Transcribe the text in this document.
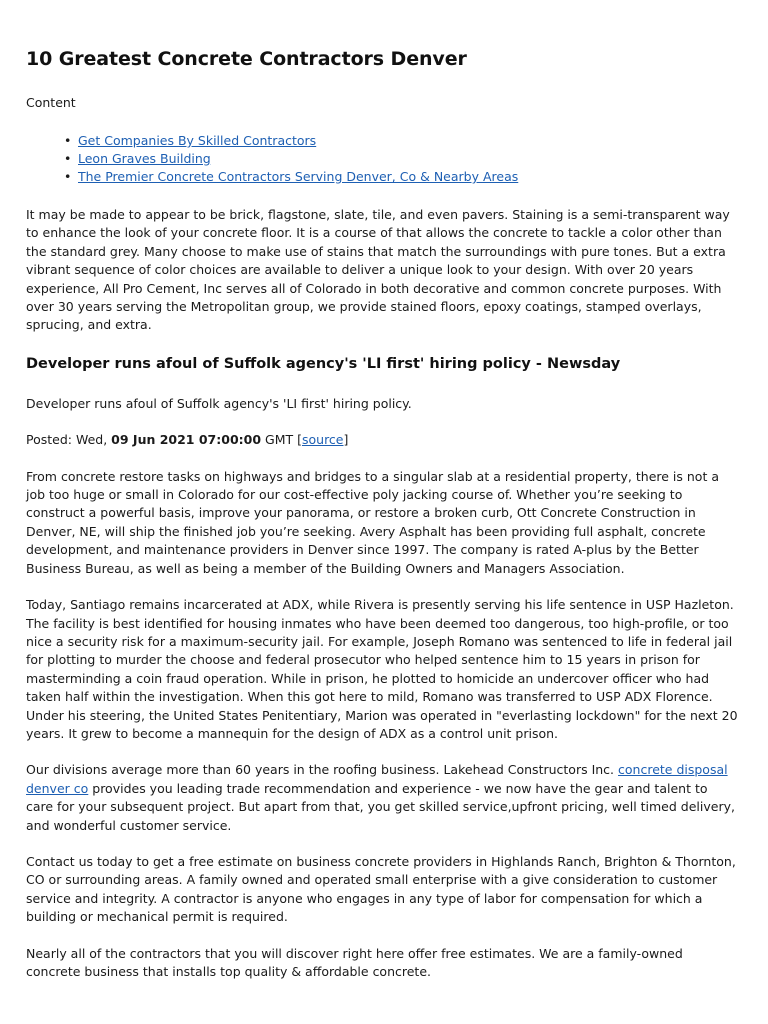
10 Greatest Concrete Contractors Denver
Content
• Get Companies By Skilled Contractors
• Leon Graves Building
• The Premier Concrete Contractors Serving Denver, Co & Nearby Areas

It may be made to appear to be brick, flagstone, slate, tile, and even pavers. Staining is a semi-transparent way to enhance the look of your concrete floor. It is a course of that allows the concrete to tackle a color other than the standard grey. Many choose to make use of stains that match the surroundings with pure tones. But a extra vibrant sequence of color choices are available to deliver a unique look to your design. With over 20 years experience, All Pro Cement, Inc serves all of Colorado in both decorative and common concrete purposes. With over 30 years serving the Metropolitan group, we provide stained floors, epoxy coatings, stamped overlays, sprucing, and extra.

Developer runs afoul of Suffolk agency's 'LI first' hiring policy - Newsday

Developer runs afoul of Suffolk agency's 'LI first' hiring policy.

Posted: Wed, 09 Jun 2021 07:00:00 GMT [source]

From concrete restore tasks on highways and bridges to a singular slab at a residential property, there is not a job too huge or small in Colorado for our cost-effective poly jacking course of. Whether you’re seeking to construct a powerful basis, improve your panorama, or restore a broken curb, Ott Concrete Construction in Denver, NE, will ship the finished job you’re seeking. Avery Asphalt has been providing full asphalt, concrete development, and maintenance providers in Denver since 1997. The company is rated A-plus by the Better Business Bureau, as well as being a member of the Building Owners and Managers Association.

Today, Santiago remains incarcerated at ADX, while Rivera is presently serving his life sentence in USP Hazleton. The facility is best identified for housing inmates who have been deemed too dangerous, too high-profile, or too nice a security risk for a maximum-security jail. For example, Joseph Romano was sentenced to life in federal jail for plotting to murder the choose and federal prosecutor who helped sentence him to 15 years in prison for masterminding a coin fraud operation. While in prison, he plotted to homicide an undercover officer who had taken half within the investigation. When this got here to mild, Romano was transferred to USP ADX Florence. Under his steering, the United States Penitentiary, Marion was operated in "everlasting lockdown" for the next 20 years. It grew to become a mannequin for the design of ADX as a control unit prison.

Our divisions average more than 60 years in the roofing business. Lakehead Constructors Inc. concrete disposal denver co provides you leading trade recommendation and experience - we now have the gear and talent to care for your subsequent project. But apart from that, you get skilled service,upfront pricing, well timed delivery, and wonderful customer service.

Contact us today to get a free estimate on business concrete providers in Highlands Ranch, Brighton & Thornton, CO or surrounding areas. A family owned and operated small enterprise with a give consideration to customer service and integrity. A contractor is anyone who engages in any type of labor for compensation for which a building or mechanical permit is required.

Nearly all of the contractors that you will discover right here offer free estimates. We are a family-owned concrete business that installs top quality & affordable concrete.
